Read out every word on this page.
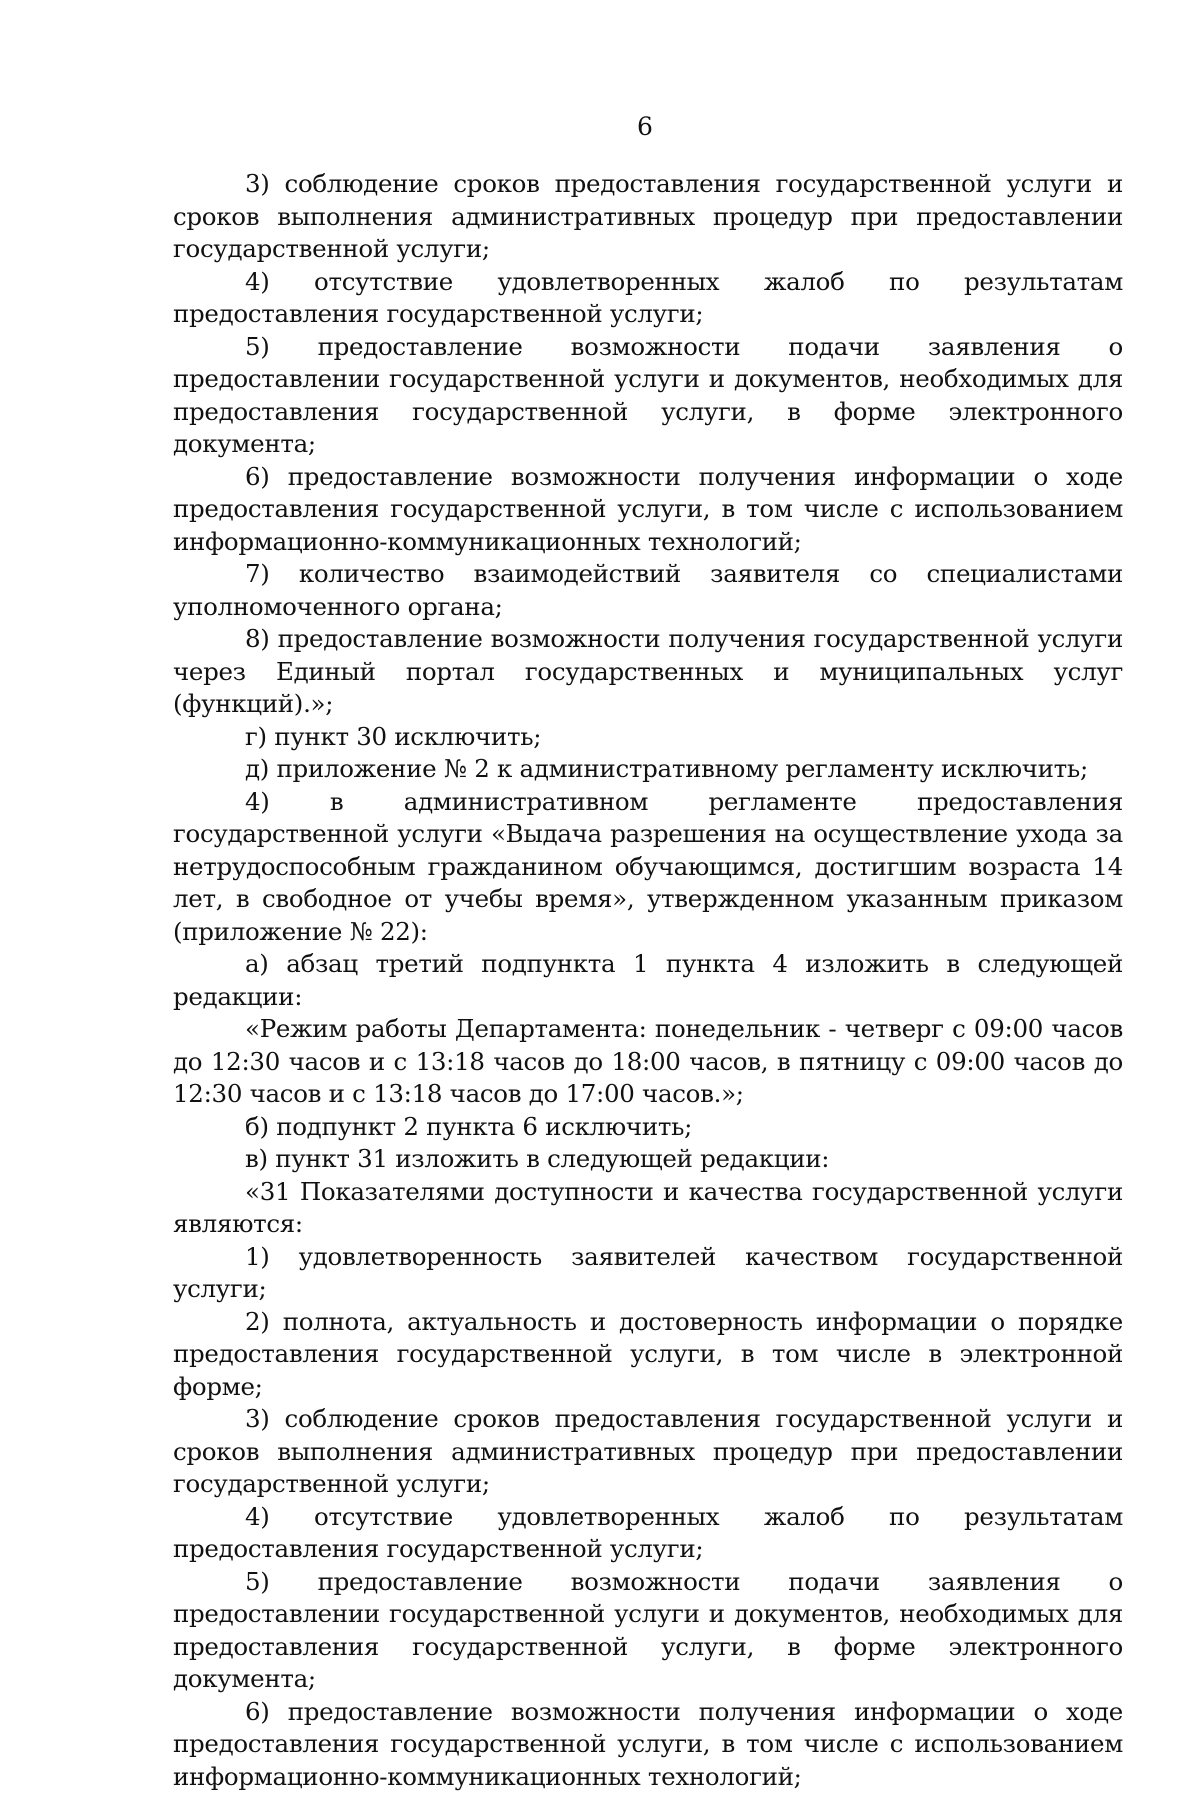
6

3) соблюдение сроков предоставления государственной услуги и сроков выполнения административных процедур при предоставлении государственной услуги;

4) отсутствие удовлетворенных жалоб по результатам предоставления государственной услуги;

5) предоставление возможности подачи заявления о предоставлении государственной услуги и документов, необходимых для предоставления государственной услуги, в форме электронного документа;

6) предоставление возможности получения информации о ходе предоставления государственной услуги, в том числе с использованием информационно-коммуникационных технологий;

7) количество взаимодействий заявителя со специалистами уполномоченного органа;

8) предоставление возможности получения государственной услуги через Единый портал государственных и муниципальных услуг (функций).»;

г) пункт 30 исключить;

д) приложение № 2 к административному регламенту исключить;

4) в административном регламенте предоставления государственной услуги «Выдача разрешения на осуществление ухода за нетрудоспособным гражданином обучающимся, достигшим возраста 14 лет, в свободное от учебы время», утвержденном указанным приказом (приложение № 22):

а) абзац третий подпункта 1 пункта 4 изложить в следующей редакции:

«Режим работы Департамента: понедельник - четверг с 09:00 часов до 12:30 часов и с 13:18 часов до 18:00 часов, в пятницу с 09:00 часов до 12:30 часов и с 13:18 часов до 17:00 часов.»;

б) подпункт 2 пункта 6 исключить;

в) пункт 31 изложить в следующей редакции:

«31 Показателями доступности и качества государственной услуги являются:

1) удовлетворенность заявителей качеством государственной услуги;

2) полнота, актуальность и достоверность информации о порядке предоставления государственной услуги, в том числе в электронной форме;

3) соблюдение сроков предоставления государственной услуги и сроков выполнения административных процедур при предоставлении государственной услуги;

4) отсутствие удовлетворенных жалоб по результатам предоставления государственной услуги;

5) предоставление возможности подачи заявления о предоставлении государственной услуги и документов, необходимых для предоставления государственной услуги, в форме электронного документа;

6) предоставление возможности получения информации о ходе предоставления государственной услуги, в том числе с использованием информационно-коммуникационных технологий;
